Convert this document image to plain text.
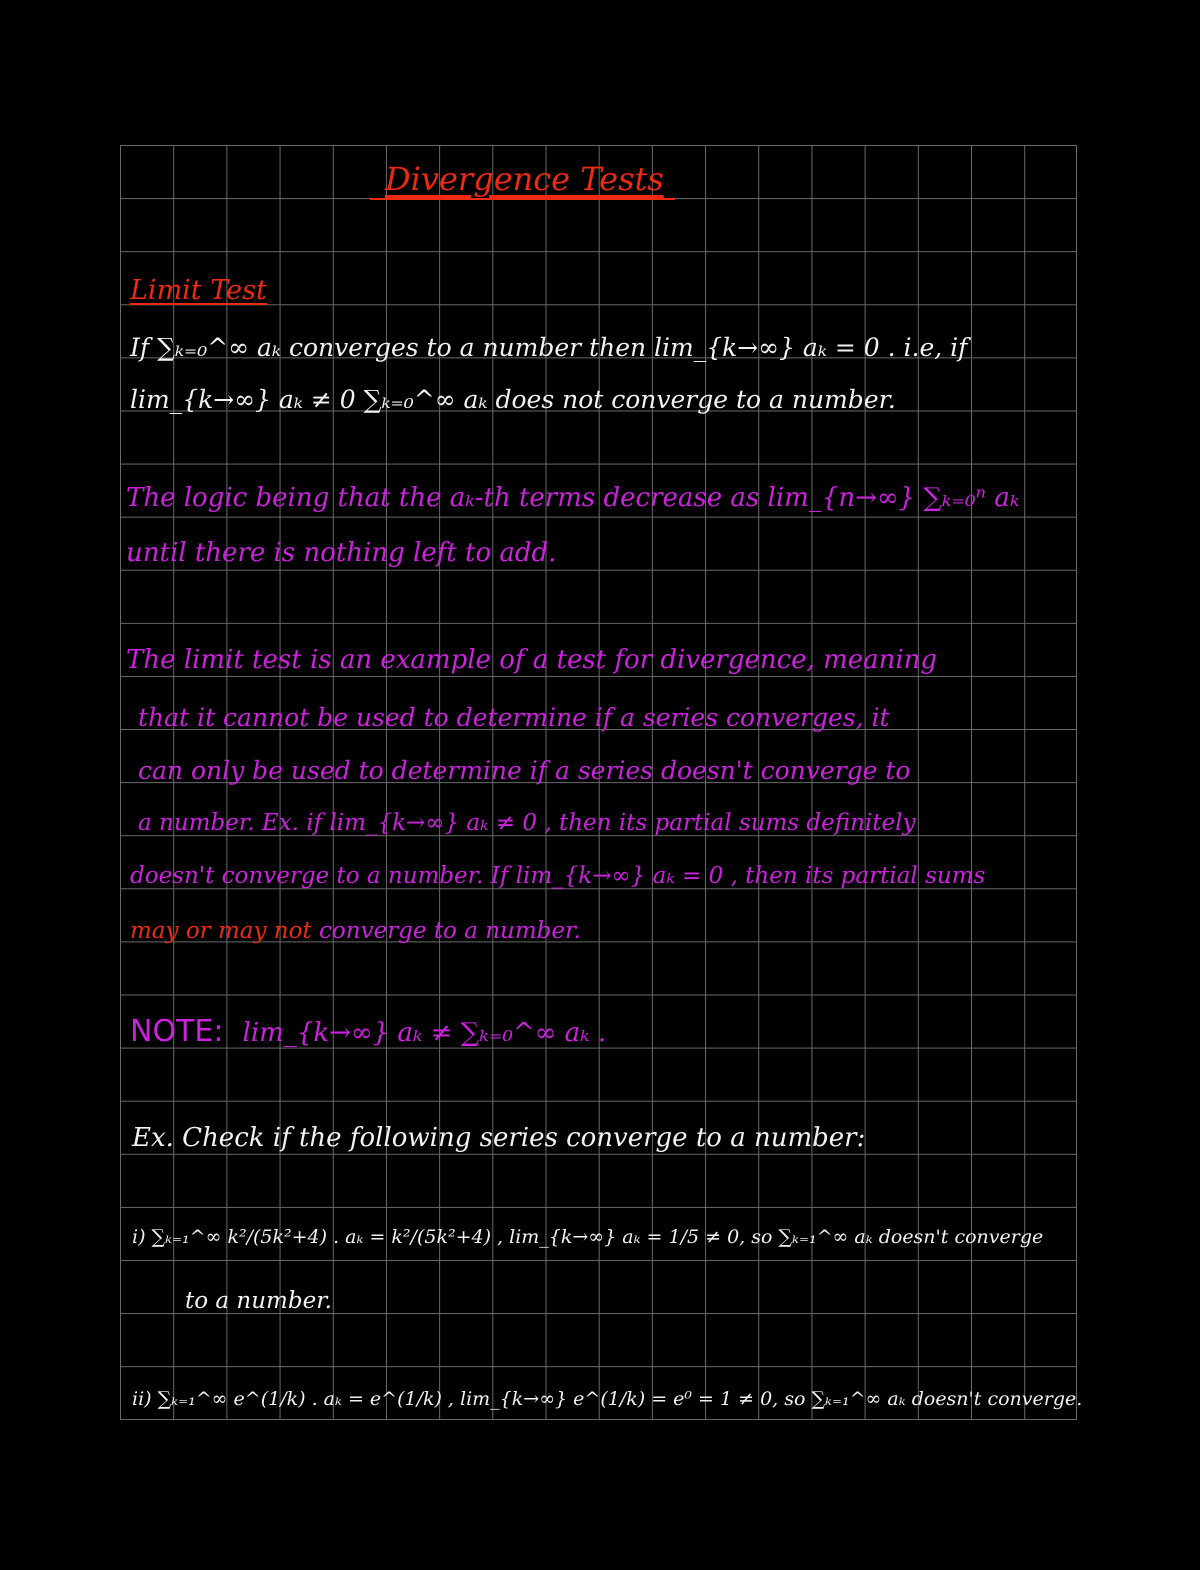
Divergence Tests
Limit Test
If ∑ₖ₌₀^∞ aₖ converges to a number then lim_{k→∞} aₖ = 0 . i.e, if
lim_{k→∞} aₖ ≠ 0 ∑ₖ₌₀^∞ aₖ does not converge to a number.
The logic being that the aₖ-th terms decrease as lim_{n→∞} ∑ₖ₌₀ⁿ aₖ
until there is nothing left to add.
The limit test is an example of a test for divergence, meaning
that it cannot be used to determine if a series converges, it
can only be used to determine if a series doesn't converge to
a number. Ex. if lim_{k→∞} aₖ ≠ 0 , then its partial sums definitely
doesn't converge to a number. If lim_{k→∞} aₖ = 0 , then its partial sums
may or may not converge to a number.
NOTE: lim_{k→∞} aₖ ≠ ∑ₖ₌₀^∞ aₖ .
Ex. Check if the following series converge to a number:
i) ∑ₖ₌₁^∞ k²/(5k²+4) . aₖ = k²/(5k²+4) , lim_{k→∞} aₖ = 1/5 ≠ 0, so ∑ₖ₌₁^∞ aₖ doesn't converge
to a number.
ii) ∑ₖ₌₁^∞ e^(1/k) . aₖ = e^(1/k) , lim_{k→∞} e^(1/k) = e⁰ = 1 ≠ 0, so ∑ₖ₌₁^∞ aₖ doesn't converge.
